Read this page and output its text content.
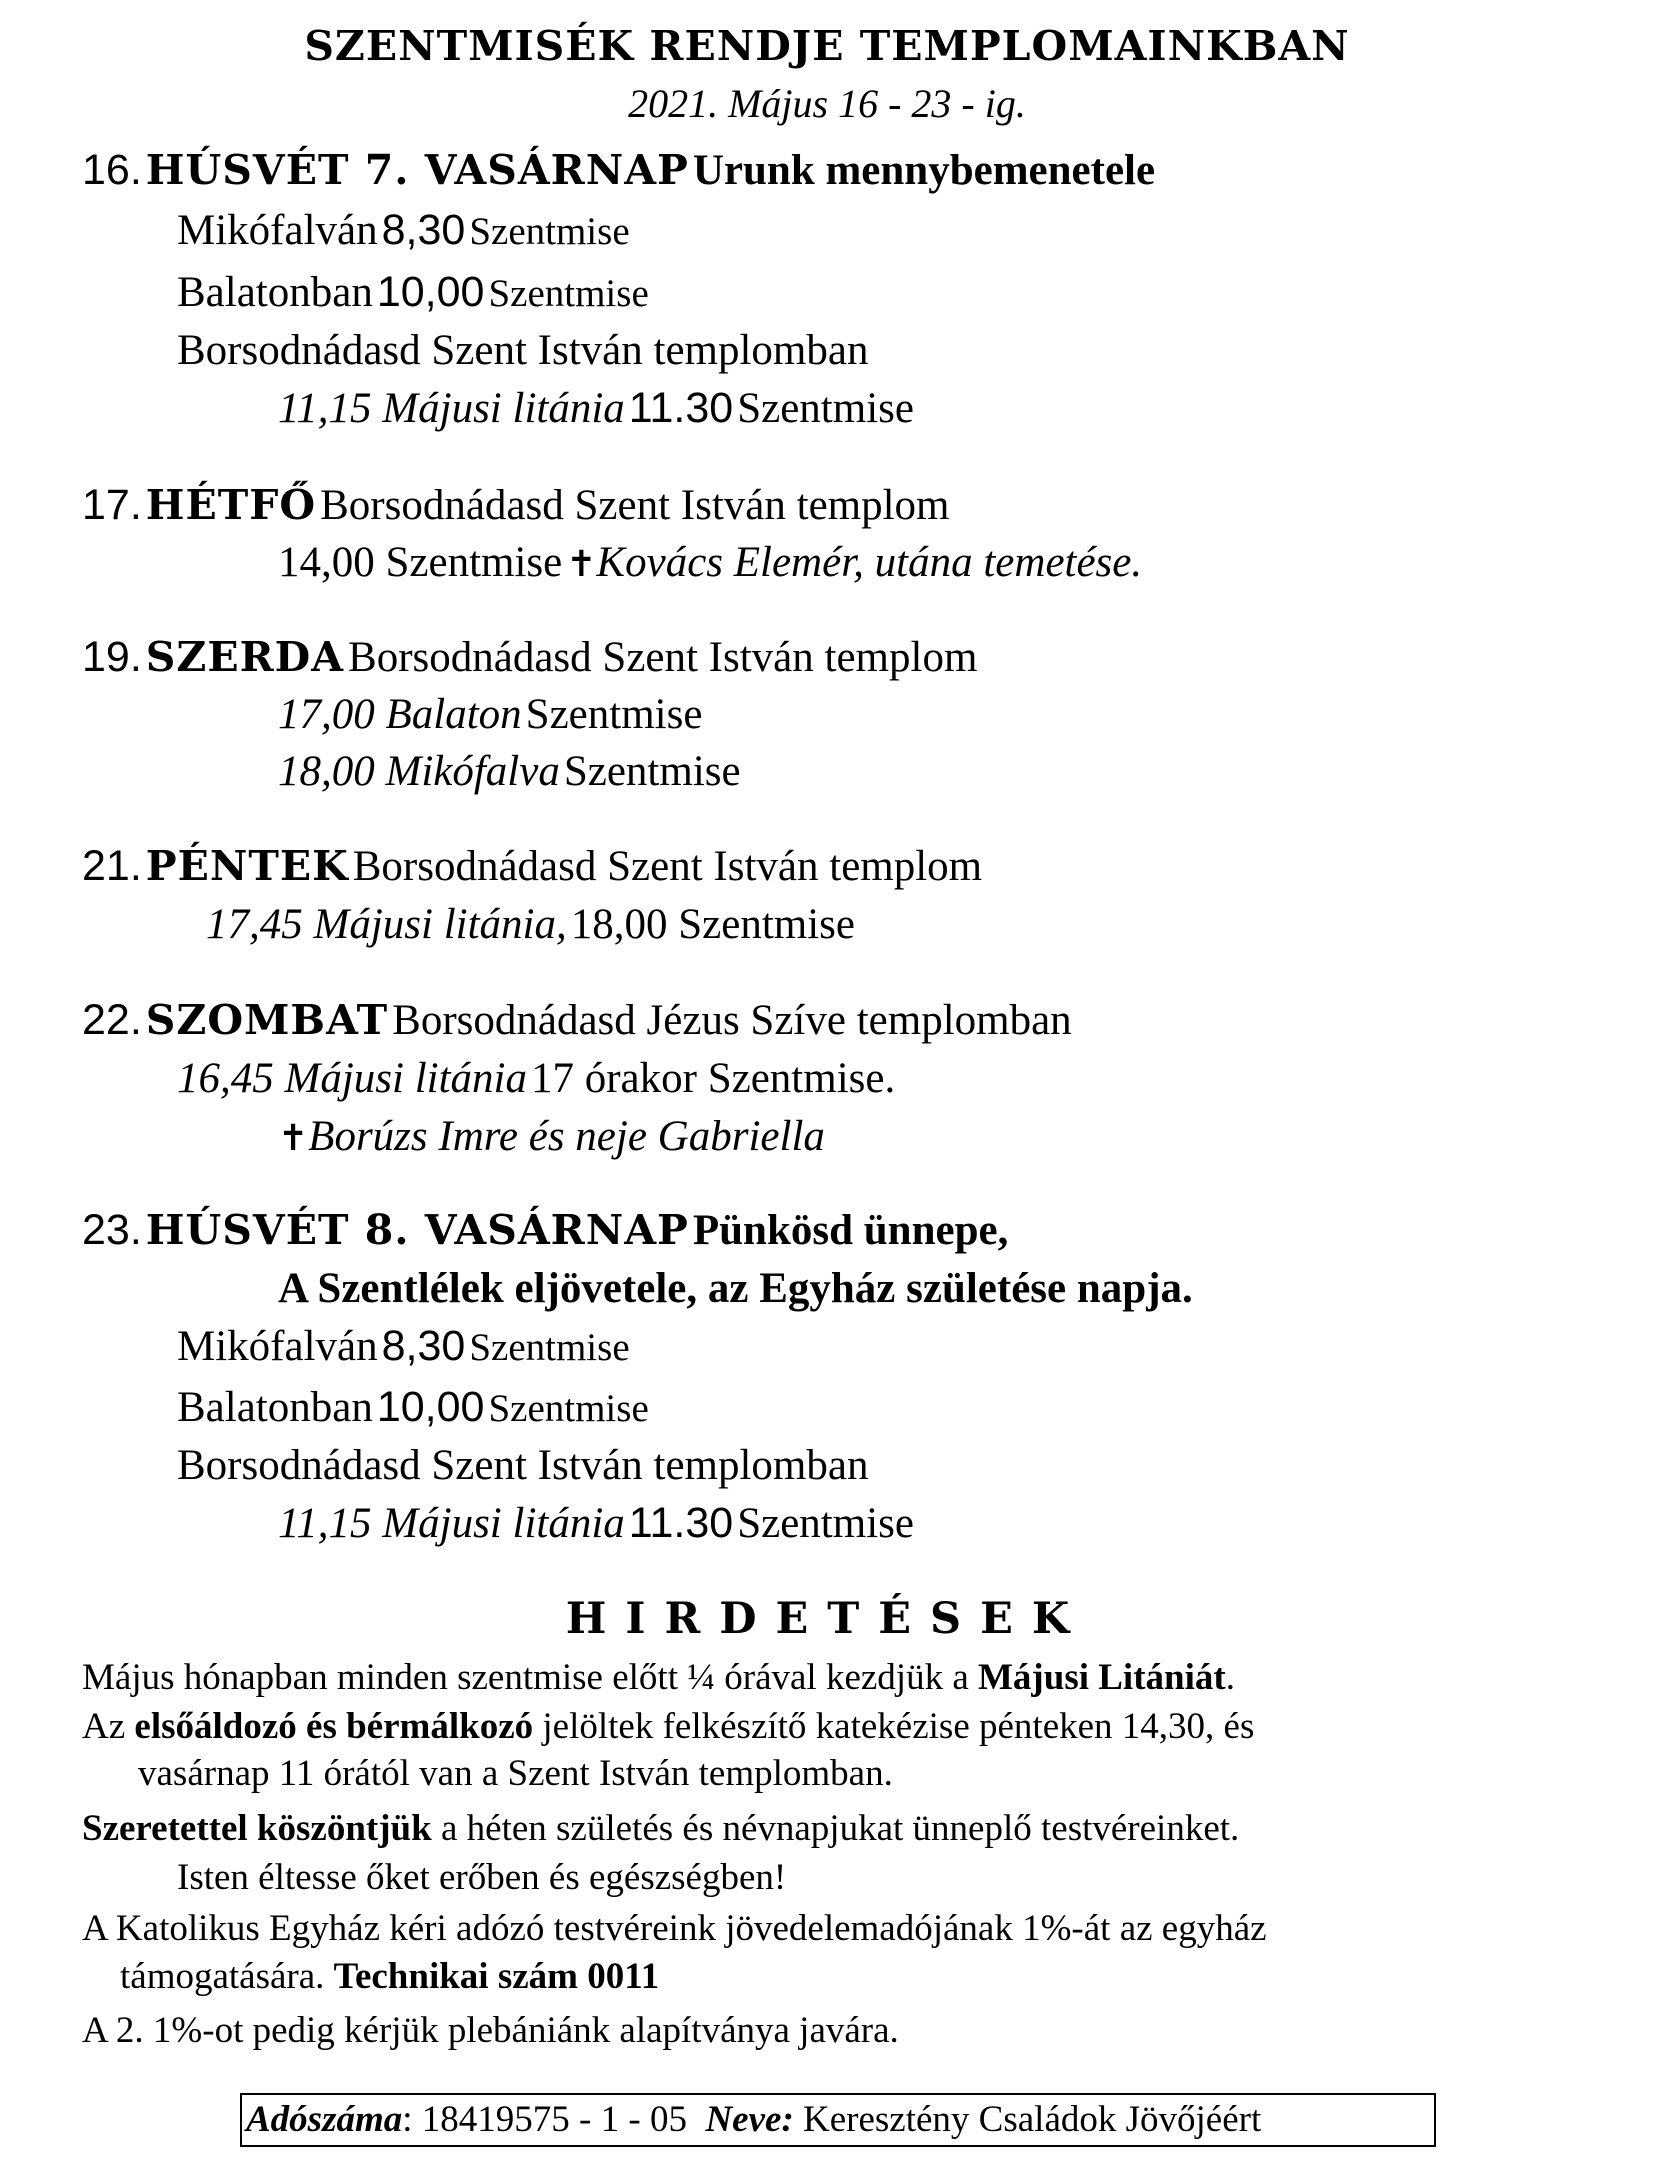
SZENTMISÉK RENDJE TEMPLOMAINKBAN
2021. Május 16 - 23 - ig.
16. HÚSVÉT 7. VASÁRNAP Urunk mennybemenetele
Mikófalván 8,30 Szentmise
Balatonban 10,00 Szentmise
Borsodnádasd Szent István templomban
11,15 Májusi litánia 11.30 Szentmise
17. HÉTFŐ Borsodnádasd Szent István templom
14,00 Szentmise ✝Kovács Elemér, utána temetése.
19. SZERDA Borsodnádasd Szent István templom
17,00 Balaton Szentmise
18,00 Mikófalva Szentmise
21. PÉNTEK Borsodnádasd Szent István templom
17,45 Májusi litánia, 18,00 Szentmise
22. SZOMBAT Borsodnádasd Jézus Szíve templomban
16,45 Májusi litánia 17 órakor Szentmise.
✝Borúzs Imre és neje Gabriella
23. HÚSVÉT 8. VASÁRNAP Pünkösd ünnepe,
A Szentlélek eljövetele, az Egyház születése napja.
Mikófalván 8,30 Szentmise
Balatonban 10,00 Szentmise
Borsodnádasd Szent István templomban
11,15 Májusi litánia 11.30 Szentmise
HIRDETÉSEK
Május hónapban minden szentmise előtt ¼ órával kezdjük a Májusi Litániát.
Az elsőáldozó és bérmálkozó jelöltek felkészítő katekézise pénteken 14,30, és
vasárnap 11 órától van a Szent István templomban.
Szeretettel köszöntjük a héten születés és névnapjukat ünneplő testvéreinket.
Isten éltesse őket erőben és egészségben!
A Katolikus Egyház kéri adózó testvéreink jövedelemadójának 1%-át az egyház
támogatására. Technikai szám 0011
A 2. 1%-ot pedig kérjük plebániánk alapítványa javára.
Adószáma: 18419575 - 1 - 05  Neve: Keresztény Családok Jövőjéért
